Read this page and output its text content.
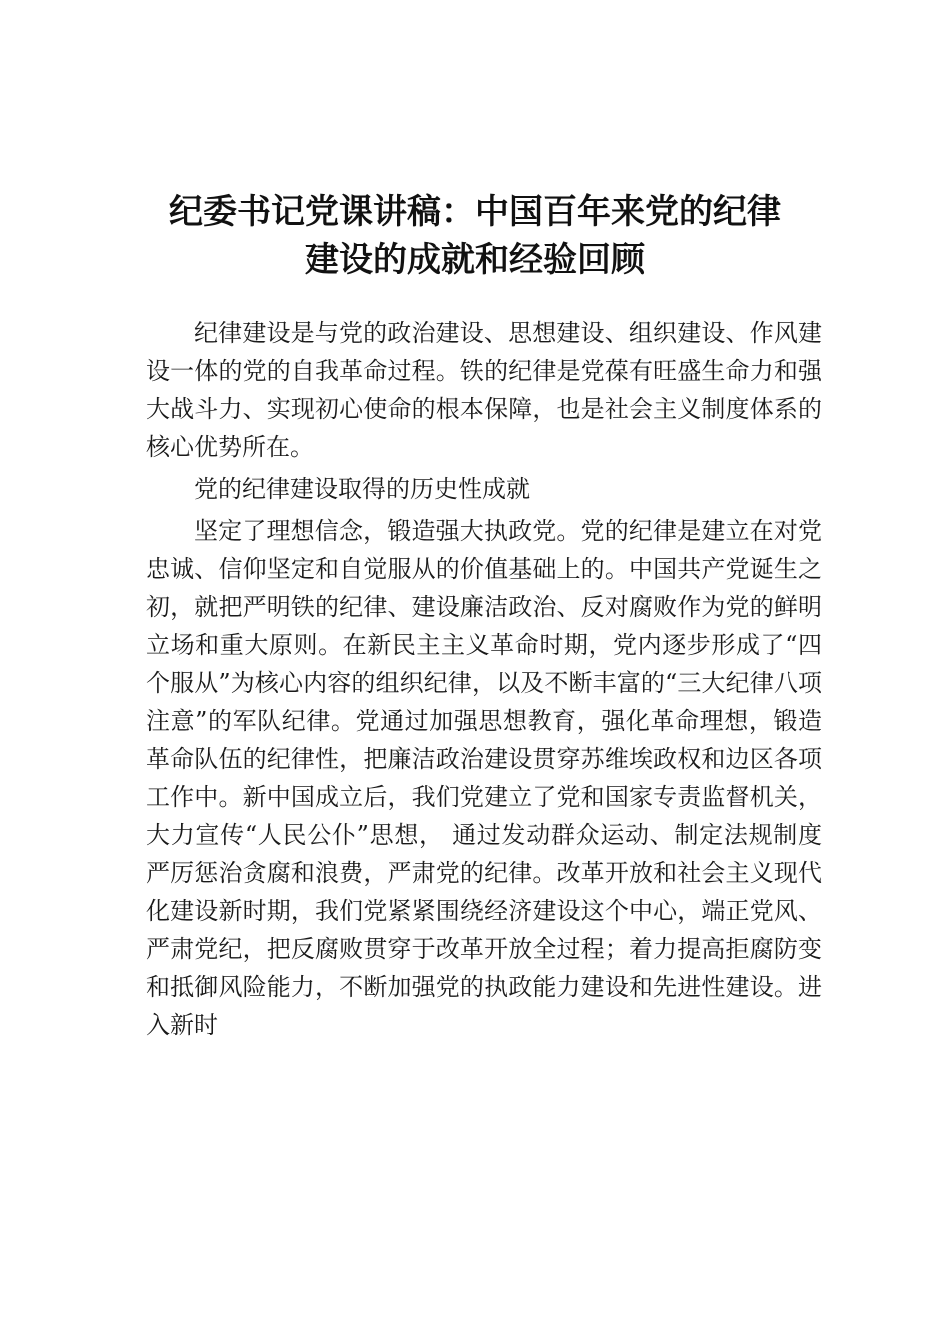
纪委书记党课讲稿：中国百年来党的纪律
建设的成就和经验回顾

纪律建设是与党的政治建设、思想建设、组织建设、作风建设一体的党的自我革命过程。铁的纪律是党葆有旺盛生命力和强大战斗力、实现初心使命的根本保障，也是社会主义制度体系的核心优势所在。

党的纪律建设取得的历史性成就

坚定了理想信念，锻造强大执政党。党的纪律是建立在对党忠诚、信仰坚定和自觉服从的价值基础上的。中国共产党诞生之初，就把严明铁的纪律、建设廉洁政治、反对腐败作为党的鲜明立场和重大原则。在新民主主义革命时期，党内逐步形成了“四个服从”为核心内容的组织纪律，以及不断丰富的“三大纪律八项注意”的军队纪律。党通过加强思想教育，强化革命理想，锻造革命队伍的纪律性，把廉洁政治建设贯穿苏维埃政权和边区各项工作中。新中国成立后，我们党建立了党和国家专责监督机关，大力宣传“人民公仆”思想， 通过发动群众运动、制定法规制度严厉惩治贪腐和浪费，严肃党的纪律。改革开放和社会主义现代化建设新时期，我们党紧紧围绕经济建设这个中心，端正党风、严肃党纪，把反腐败贯穿于改革开放全过程；着力提高拒腐防变和抵御风险能力，不断加强党的执政能力建设和先进性建设。进入新时
